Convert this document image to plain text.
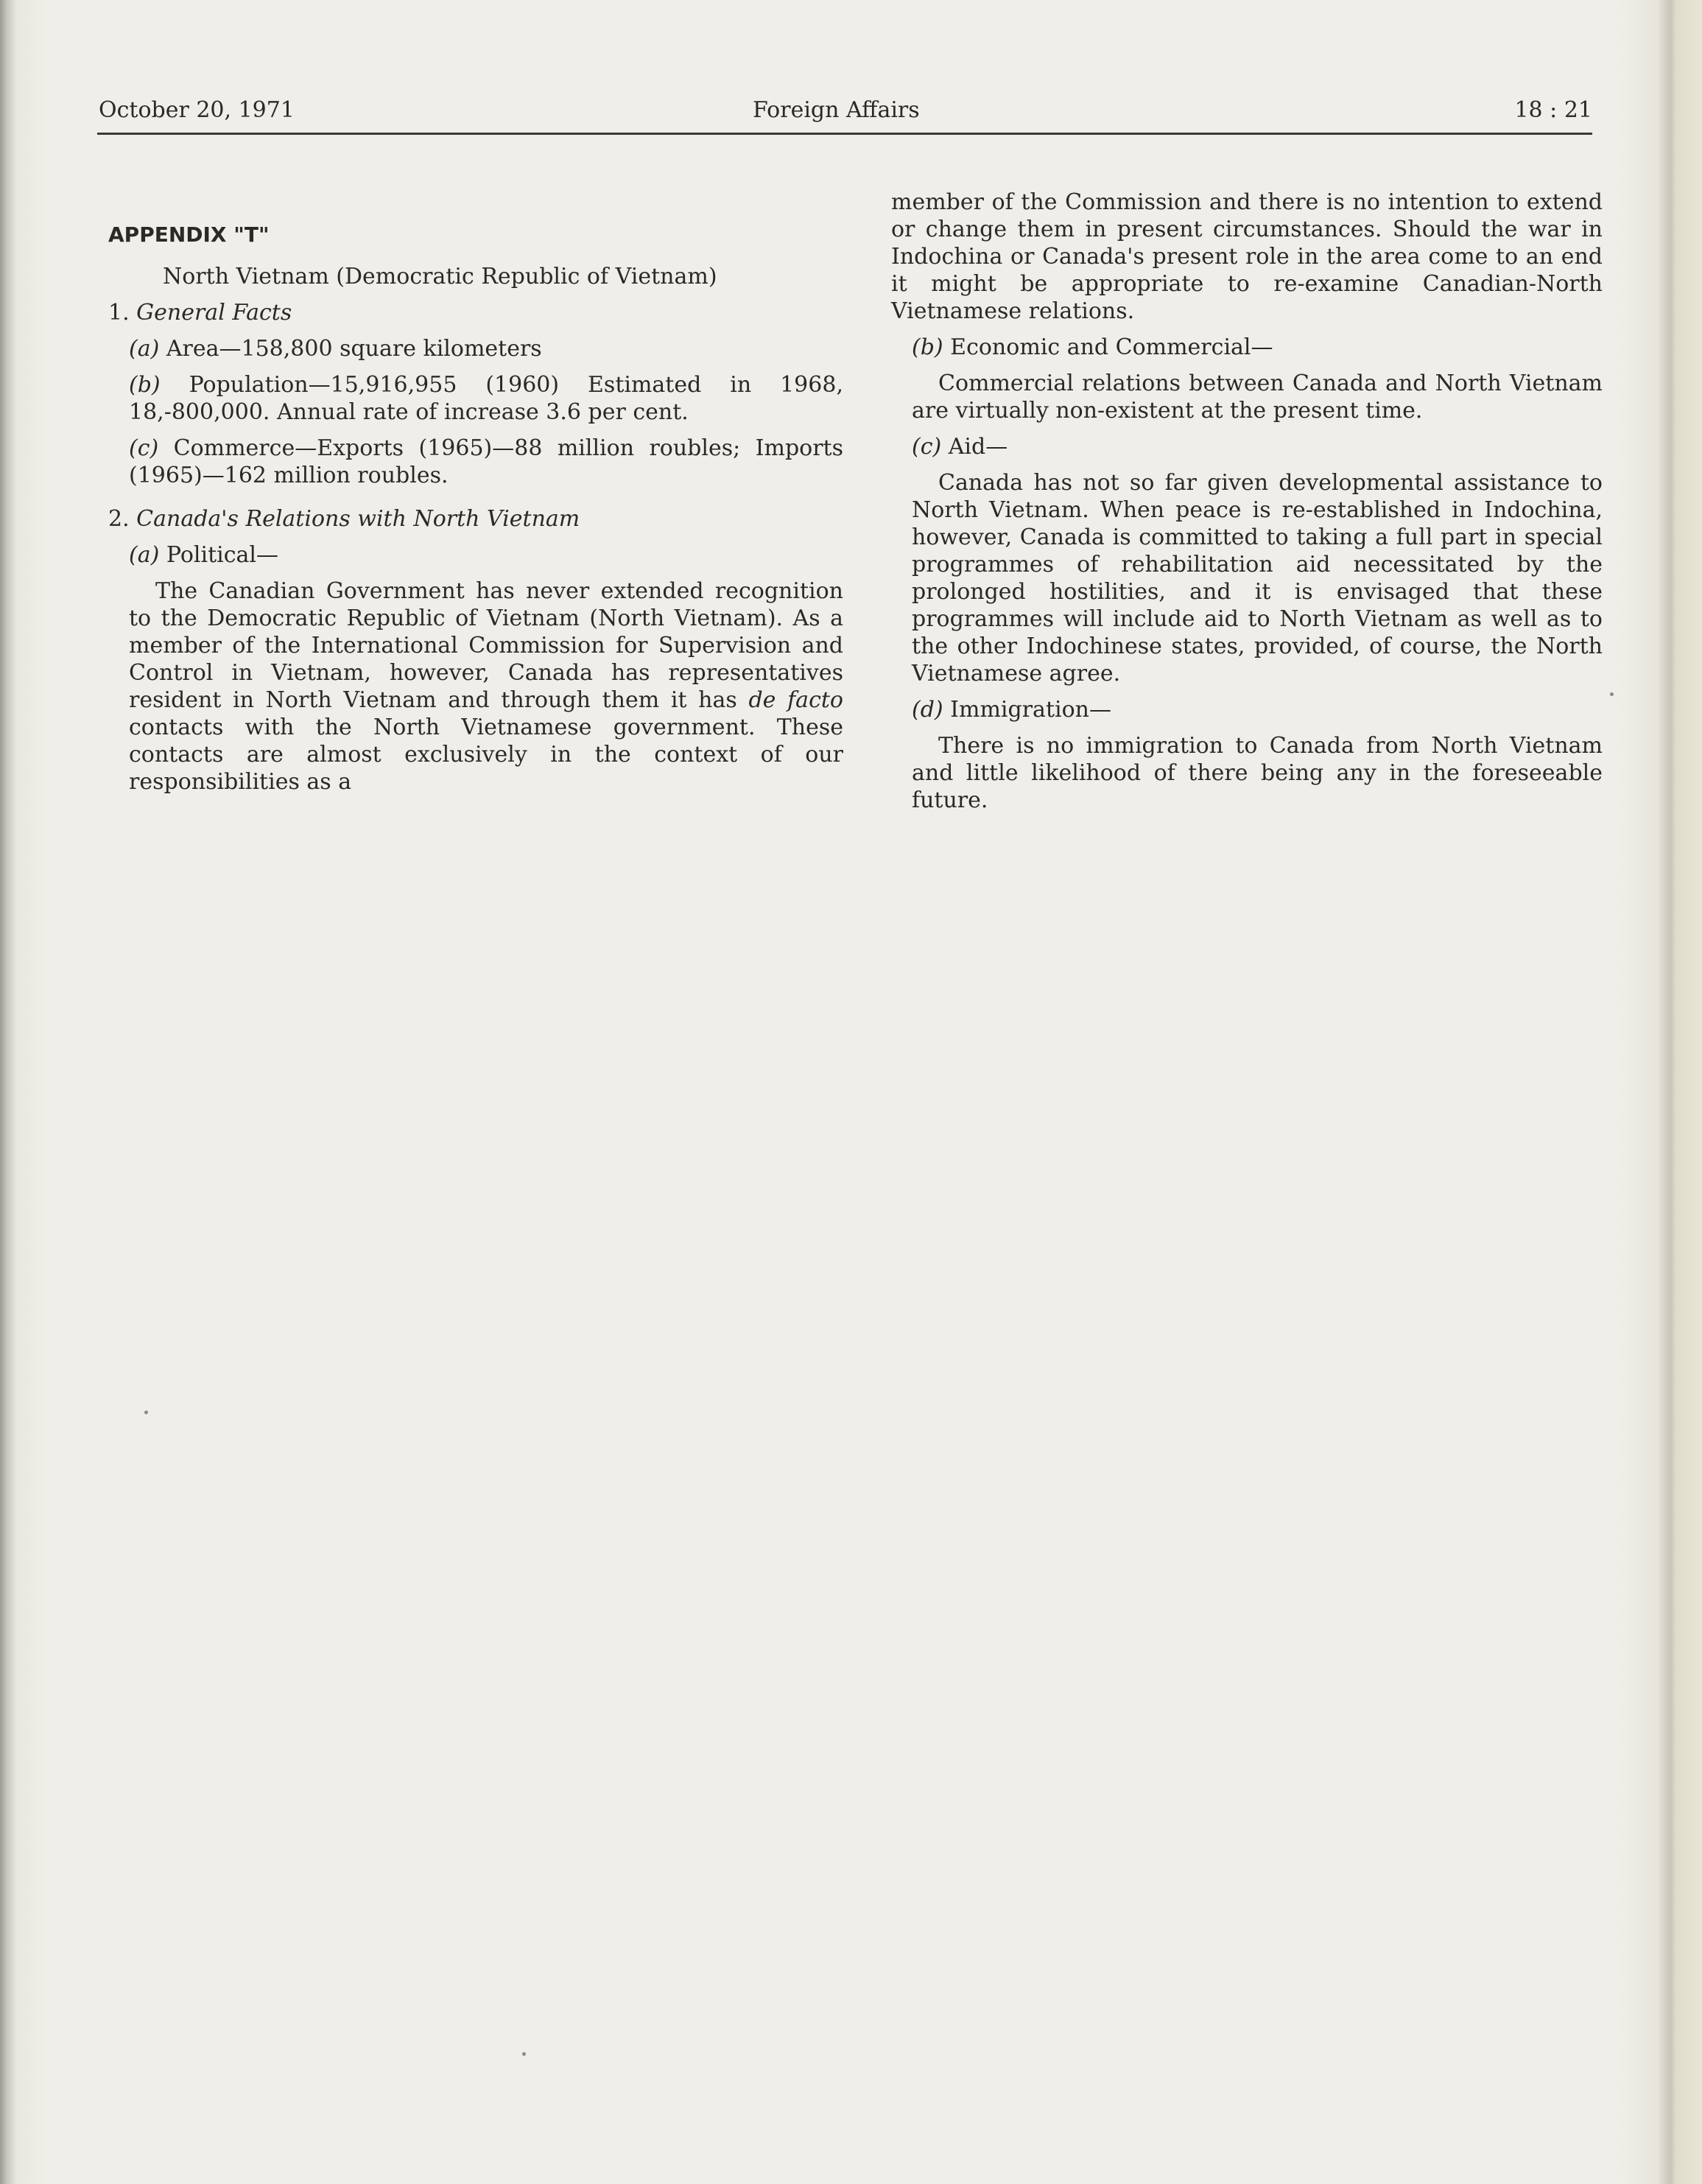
October 20, 1971	Foreign Affairs	18 : 21

APPENDIX "T"

North Vietnam (Democratic Republic of Vietnam)

1. General Facts

(a) Area—158,800 square kilometers

(b) Population—15,916,955 (1960) Estimated in 1968, 18,-800,000. Annual rate of increase 3.6 per cent.

(c) Commerce—Exports (1965)—88 million roubles; Imports (1965)—162 million roubles.

2. Canada's Relations with North Vietnam

(a) Political—

The Canadian Government has never extended recognition to the Democratic Republic of Vietnam (North Vietnam). As a member of the International Commission for Supervision and Control in Vietnam, however, Canada has representatives resident in North Vietnam and through them it has de facto contacts with the North Vietnamese government. These contacts are almost exclusively in the context of our responsibilities as a

member of the Commission and there is no intention to extend or change them in present circumstances. Should the war in Indochina or Canada's present role in the area come to an end it might be appropriate to re-examine Canadian-North Vietnamese relations.

(b) Economic and Commercial—

Commercial relations between Canada and North Vietnam are virtually non-existent at the present time.

(c) Aid—

Canada has not so far given developmental assistance to North Vietnam. When peace is re-established in Indochina, however, Canada is committed to taking a full part in special programmes of rehabilitation aid necessitated by the prolonged hostilities, and it is envisaged that these programmes will include aid to North Vietnam as well as to the other Indochinese states, provided, of course, the North Vietnamese agree.

(d) Immigration—

There is no immigration to Canada from North Vietnam and little likelihood of there being any in the foreseeable future.
